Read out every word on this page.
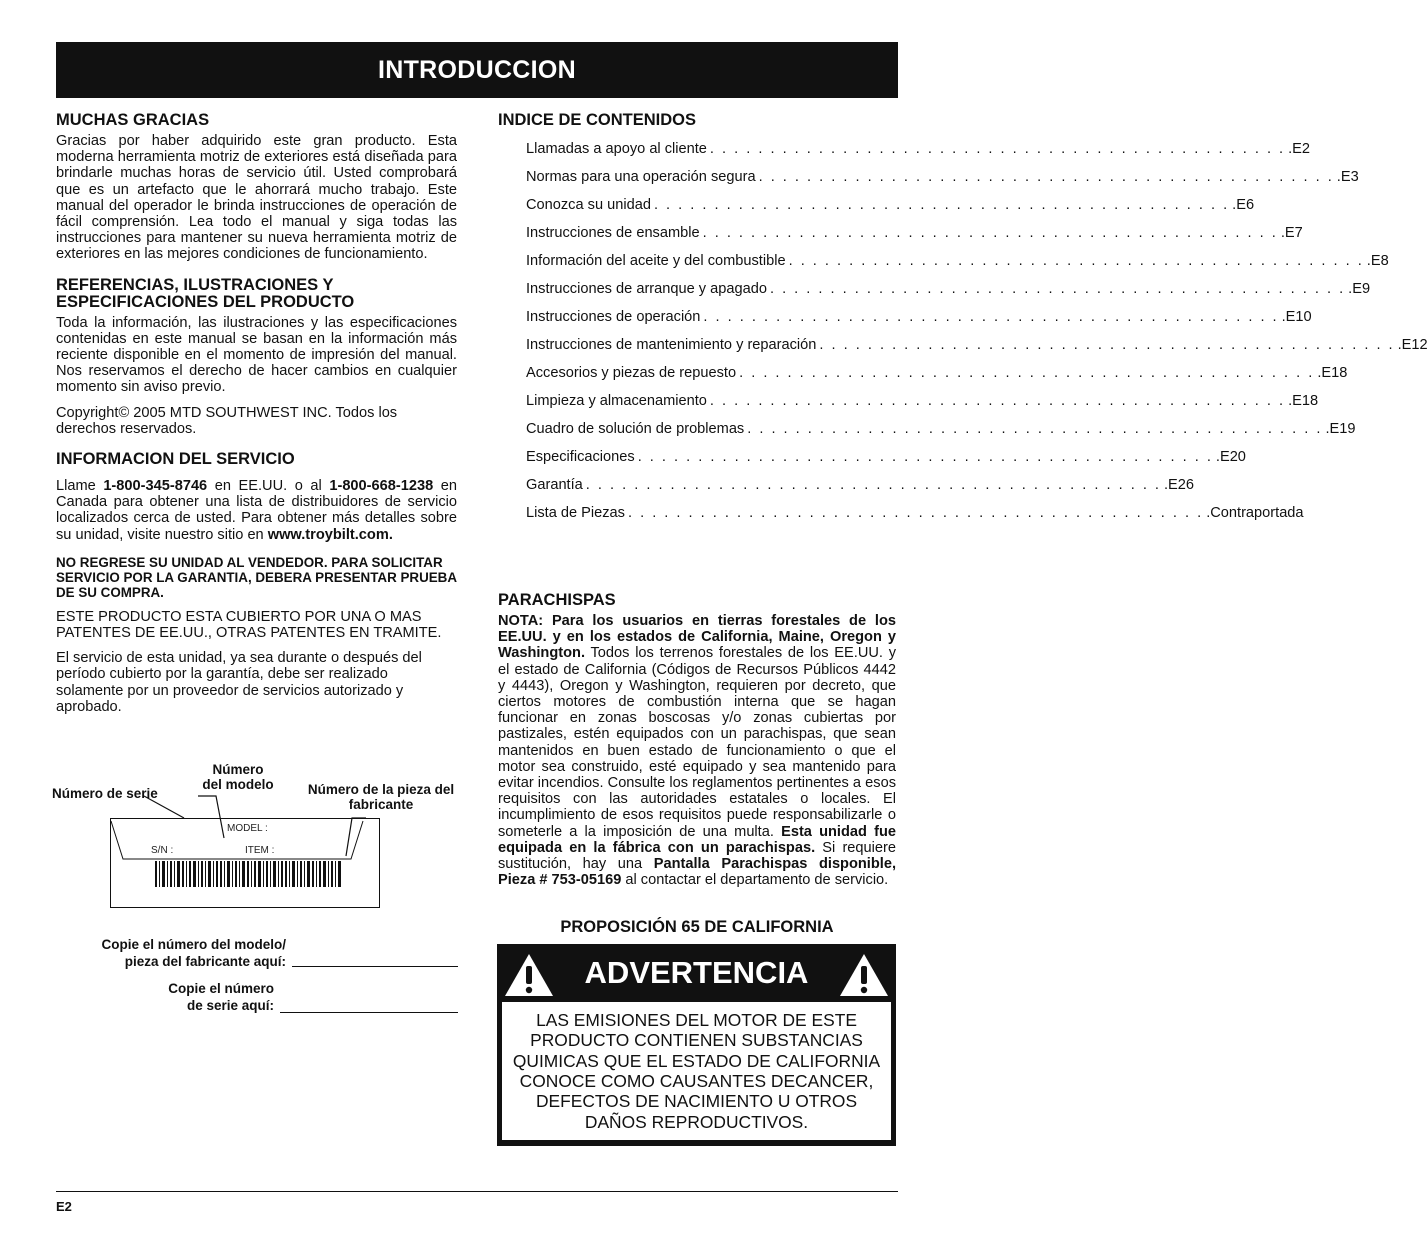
INTRODUCCION
MUCHAS GRACIAS

Gracias por haber adquirido este gran producto. Esta moderna herramienta motriz de exteriores está diseñada para brindarle muchas horas de servicio útil. Usted comprobará que es un artefacto que le ahorrará mucho trabajo. Este manual del operador le brinda instrucciones de operación de fácil comprensión. Lea todo el manual y siga todas las instrucciones para mantener su nueva herramienta motriz de exteriores en las mejores condiciones de funcionamiento.

REFERENCIAS, ILUSTRACIONES Y ESPECIFICACIONES DEL PRODUCTO

Toda la información, las ilustraciones y las especificaciones contenidas en este manual se basan en la información más reciente disponible en el momento de impresión del manual. Nos reservamos el derecho de hacer cambios en cualquier momento sin aviso previo.

Copyright© 2005 MTD SOUTHWEST INC. Todos los derechos reservados.

INFORMACION DEL SERVICIO

Llame 1-800-345-8746 en EE.UU. o al 1-800-668-1238 en Canada para obtener una lista de distribuidores de servicio localizados cerca de usted. Para obtener más detalles sobre su unidad, visite nuestro sitio en www.troybilt.com.

NO REGRESE SU UNIDAD AL VENDEDOR. PARA SOLICITAR SERVICIO POR LA GARANTIA, DEBERA PRESENTAR PRUEBA DE SU COMPRA.

ESTE PRODUCTO ESTA CUBIERTO POR UNA O MAS PATENTES DE EE.UU., OTRAS PATENTES EN TRAMITE.

El servicio de esta unidad, ya sea durante o después del período cubierto por la garantía, debe ser realizado solamente por un proveedor de servicios autorizado y aprobado.

Número del modelo
Número de serie	Número de la pieza del fabricante
MODEL :
S/N :	ITEM :
Copie el número del modelo/
pieza del fabricante aquí:
Copie el número
de serie aquí:
INDICE DE CONTENIDOS
Llamadas a apoyo al cliente . . . . . . . . . . . . . . . . . . . . . . . . . . . . . . . . . . . . . . . . . . . . . . . . .E2
Normas para una operación segura . . . . . . . . . . . . . . . . . . . . . . . . . . . . . . . . . . . . . . . . . . . . . . . . .E3
Conozca su unidad . . . . . . . . . . . . . . . . . . . . . . . . . . . . . . . . . . . . . . . . . . . . . . . . .E6
Instrucciones de ensamble . . . . . . . . . . . . . . . . . . . . . . . . . . . . . . . . . . . . . . . . . . . . . . . . .E7
Información del aceite y del combustible . . . . . . . . . . . . . . . . . . . . . . . . . . . . . . . . . . . . . . . . . . . . . . . . .E8
Instrucciones de arranque y apagado . . . . . . . . . . . . . . . . . . . . . . . . . . . . . . . . . . . . . . . . . . . . . . . . .E9
Instrucciones de operación . . . . . . . . . . . . . . . . . . . . . . . . . . . . . . . . . . . . . . . . . . . . . . . . .E10
Instrucciones de mantenimiento y reparación . . . . . . . . . . . . . . . . . . . . . . . . . . . . . . . . . . . . . . . . . . . . . . . . .E12
Accesorios y piezas de repuesto . . . . . . . . . . . . . . . . . . . . . . . . . . . . . . . . . . . . . . . . . . . . . . . . .E18
Limpieza y almacenamiento . . . . . . . . . . . . . . . . . . . . . . . . . . . . . . . . . . . . . . . . . . . . . . . . .E18
Cuadro de solución de problemas . . . . . . . . . . . . . . . . . . . . . . . . . . . . . . . . . . . . . . . . . . . . . . . . .E19
Especificaciones . . . . . . . . . . . . . . . . . . . . . . . . . . . . . . . . . . . . . . . . . . . . . . . . .E20
Garantía . . . . . . . . . . . . . . . . . . . . . . . . . . . . . . . . . . . . . . . . . . . . . . . . .E26
Lista de Piezas . . . . . . . . . . . . . . . . . . . . . . . . . . . . . . . . . . . . . . . . . . . . . . . . .Contraportada
PARACHISPAS

NOTA: Para los usuarios en tierras forestales de los EE.UU. y en los estados de California, Maine, Oregon y Washington. Todos los terrenos forestales de los EE.UU. y el estado de California (Códigos de Recursos Públicos 4442 y 4443), Oregon y Washington, requieren por decreto, que ciertos motores de combustión interna que se hagan funcionar en zonas boscosas y/o zonas cubiertas por pastizales, estén equipados con un parachispas, que sean mantenidos en buen estado de funcionamiento o que el motor sea construido, esté equipado y sea mantenido para evitar incendios. Consulte los reglamentos pertinentes a esos requisitos con las autoridades estatales o locales. El incumplimiento de esos requisitos puede responsabilizarle o someterle a la imposición de una multa. Esta unidad fue equipada en la fábrica con un parachispas. Si requiere sustitución, hay una Pantalla Parachispas disponible, Pieza # 753-05169 al contactar el departamento de servicio.

PROPOSICIÓN 65 DE CALIFORNIA
ADVERTENCIA
LAS EMISIONES DEL MOTOR DE ESTE PRODUCTO CONTIENEN SUBSTANCIAS QUIMICAS QUE EL ESTADO DE CALIFORNIA CONOCE COMO CAUSANTES DECANCER, DEFECTOS DE NACIMIENTO U OTROS DAÑOS REPRODUCTIVOS.
E2
